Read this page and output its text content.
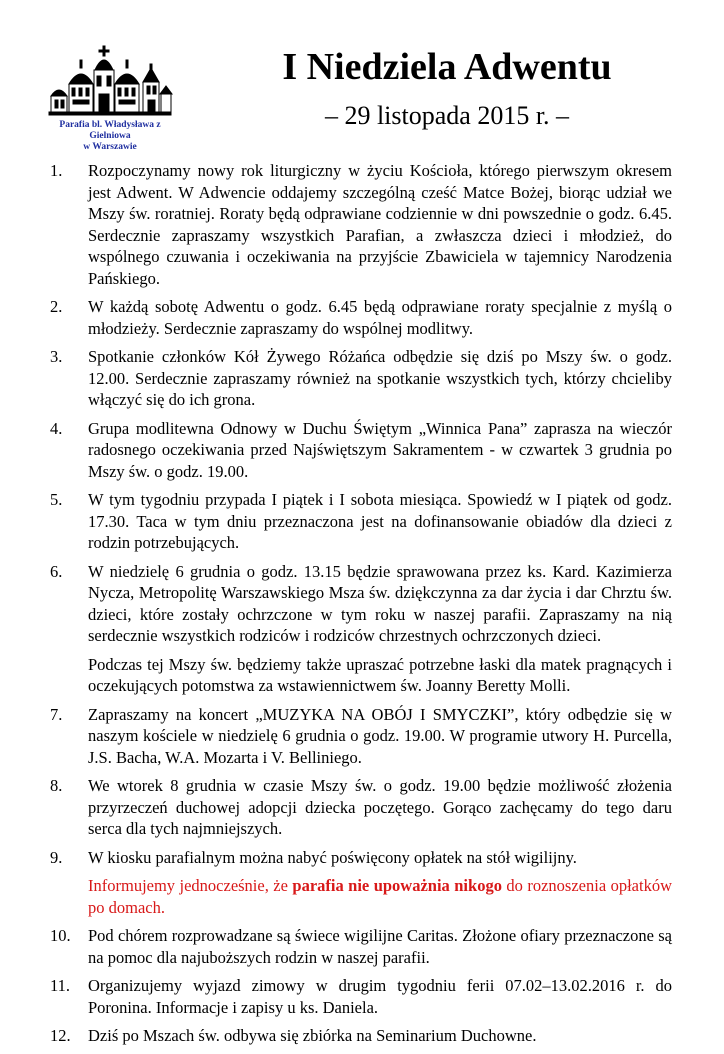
Parafia bl. Władysława z Gielniowa
w Warszawie
I Niedziela Adwentu
– 29 listopada 2015 r. –
1. Rozpoczynamy nowy rok liturgiczny w życiu Kościoła, którego pierwszym okresem jest Adwent. W Adwencie oddajemy szczególną cześć Matce Bożej, biorąc udział we Mszy św. roratniej. Roraty będą odprawiane codziennie w dni powszednie o godz. 6.45. Serdecznie zapraszamy wszystkich Parafian, a zwłaszcza dzieci i młodzież, do wspólnego czuwania i oczekiwania na przyjście Zbawiciela w tajemnicy Narodzenia Pańskiego.

2. W każdą sobotę Adwentu o godz. 6.45 będą odprawiane roraty specjalnie z myślą o młodzieży. Serdecznie zapraszamy do wspólnej modlitwy.

3. Spotkanie członków Kół Żywego Różańca odbędzie się dziś po Mszy św. o godz. 12.00. Serdecznie zapraszamy również na spotkanie wszystkich tych, którzy chcieliby włączyć się do ich grona.

4. Grupa modlitewna Odnowy w Duchu Świętym „Winnica Pana” zaprasza na wieczór radosnego oczekiwania przed Najświętszym Sakramentem - w czwartek 3 grudnia po Mszy św. o godz. 19.00.

5. W tym tygodniu przypada I piątek i I sobota miesiąca. Spowiedź w I piątek od godz. 17.30. Taca w tym dniu przeznaczona jest na dofinansowanie obiadów dla dzieci z rodzin potrzebujących.

6. W niedzielę 6 grudnia o godz. 13.15 będzie sprawowana przez ks. Kard. Kazimierza Nycza, Metropolitę Warszawskiego Msza św. dziękczynna za dar życia i dar Chrztu św. dzieci, które zostały ochrzczone w tym roku w naszej parafii. Zapraszamy na nią serdecznie wszystkich rodziców i rodziców chrzestnych ochrzczonych dzieci.

Podczas tej Mszy św. będziemy także upraszać potrzebne łaski dla matek pragnących i oczekujących potomstwa za wstawiennictwem św. Joanny Beretty Molli.

7. Zapraszamy na koncert „MUZYKA NA OBÓJ I SMYCZKI”, który odbędzie się w naszym kościele w niedzielę 6 grudnia o godz. 19.00. W programie utwory H. Purcella, J.S. Bacha, W.A. Mozarta i V. Belliniego.

8. We wtorek 8 grudnia w czasie Mszy św. o godz. 19.00 będzie możliwość złożenia przyrzeczeń duchowej adopcji dziecka poczętego. Gorąco zachęcamy do tego daru serca dla tych najmniejszych.

9. W kiosku parafialnym można nabyć poświęcony opłatek na stół wigilijny.

Informujemy jednocześnie, że parafia nie upoważnia nikogo do roznoszenia opłatków po domach.

10. Pod chórem rozprowadzane są świece wigilijne Caritas. Złożone ofiary przeznaczone są na pomoc dla najuboższych rodzin w naszej parafii.

11. Organizujemy wyjazd zimowy w drugim tygodniu ferii 07.02–13.02.2016 r. do Poronina. Informacje i zapisy u ks. Daniela.

12. Dziś po Mszach św. odbywa się zbiórka na Seminarium Duchowne.
